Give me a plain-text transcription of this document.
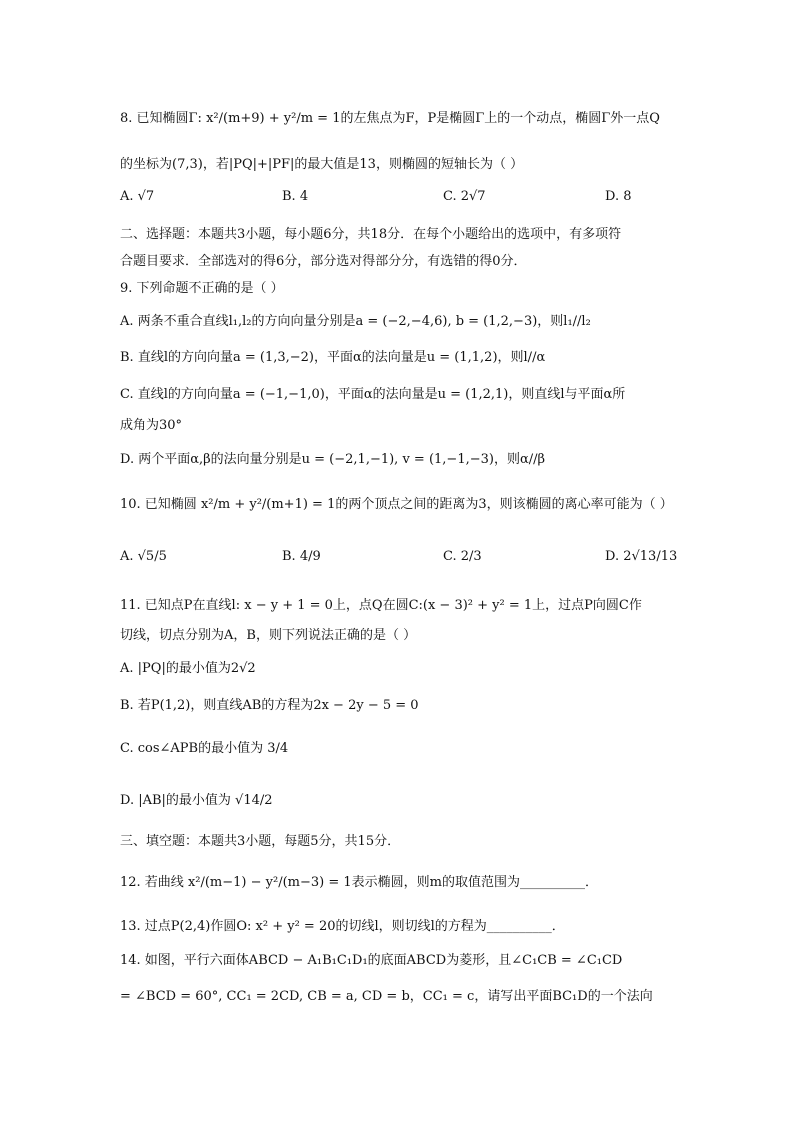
8. 已知椭圆Γ: x²/(m+9) + y²/m = 1的左焦点为F，P是椭圆Γ上的一个动点，椭圆Γ外一点Q
的坐标为(7,3)，若|PQ|+|PF|的最大值是13，则椭圆的短轴长为（ ）
A. √7	B. 4	C. 2√7	D. 8
二、选择题：本题共3小题，每小题6分，共18分．在每个小题给出的选项中，有多项符
合题目要求．全部选对的得6分，部分选对得部分分，有选错的得0分．
9. 下列命题不正确的是（ ）
A. 两条不重合直线l₁,l₂的方向向量分别是a = (−2,−4,6), b = (1,2,−3)，则l₁//l₂
B. 直线l的方向向量a = (1,3,−2)，平面α的法向量是u = (1,1,2)，则l//α
C. 直线l的方向向量a = (−1,−1,0)，平面α的法向量是u = (1,2,1)，则直线l与平面α所
成角为30°
D. 两个平面α,β的法向量分别是u = (−2,1,−1), v = (1,−1,−3)，则α//β
10. 已知椭圆 x²/m + y²/(m+1) = 1的两个顶点之间的距离为3，则该椭圆的离心率可能为（ ）
A. √5/5	B. 4/9	C. 2/3	D. 2√13/13
11. 已知点P在直线l: x − y + 1 = 0上，点Q在圆C:(x − 3)² + y² = 1上，过点P向圆C作
切线，切点分别为A，B，则下列说法正确的是（ ）
A. |PQ|的最小值为2√2
B. 若P(1,2)，则直线AB的方程为2x − 2y − 5 = 0
C. cos∠APB的最小值为 3/4
D. |AB|的最小值为 √14/2
三、填空题：本题共3小题，每题5分，共15分．
12. 若曲线 x²/(m−1) − y²/(m−3) = 1表示椭圆，则m的取值范围为__________．
13. 过点P(2,4)作圆O: x² + y² = 20的切线l，则切线l的方程为__________．
14. 如图，平行六面体ABCD − A₁B₁C₁D₁的底面ABCD为菱形，且∠C₁CB = ∠C₁CD
= ∠BCD = 60°, CC₁ = 2CD, CB = a, CD = b，CC₁ = c，请写出平面BC₁D的一个法向
